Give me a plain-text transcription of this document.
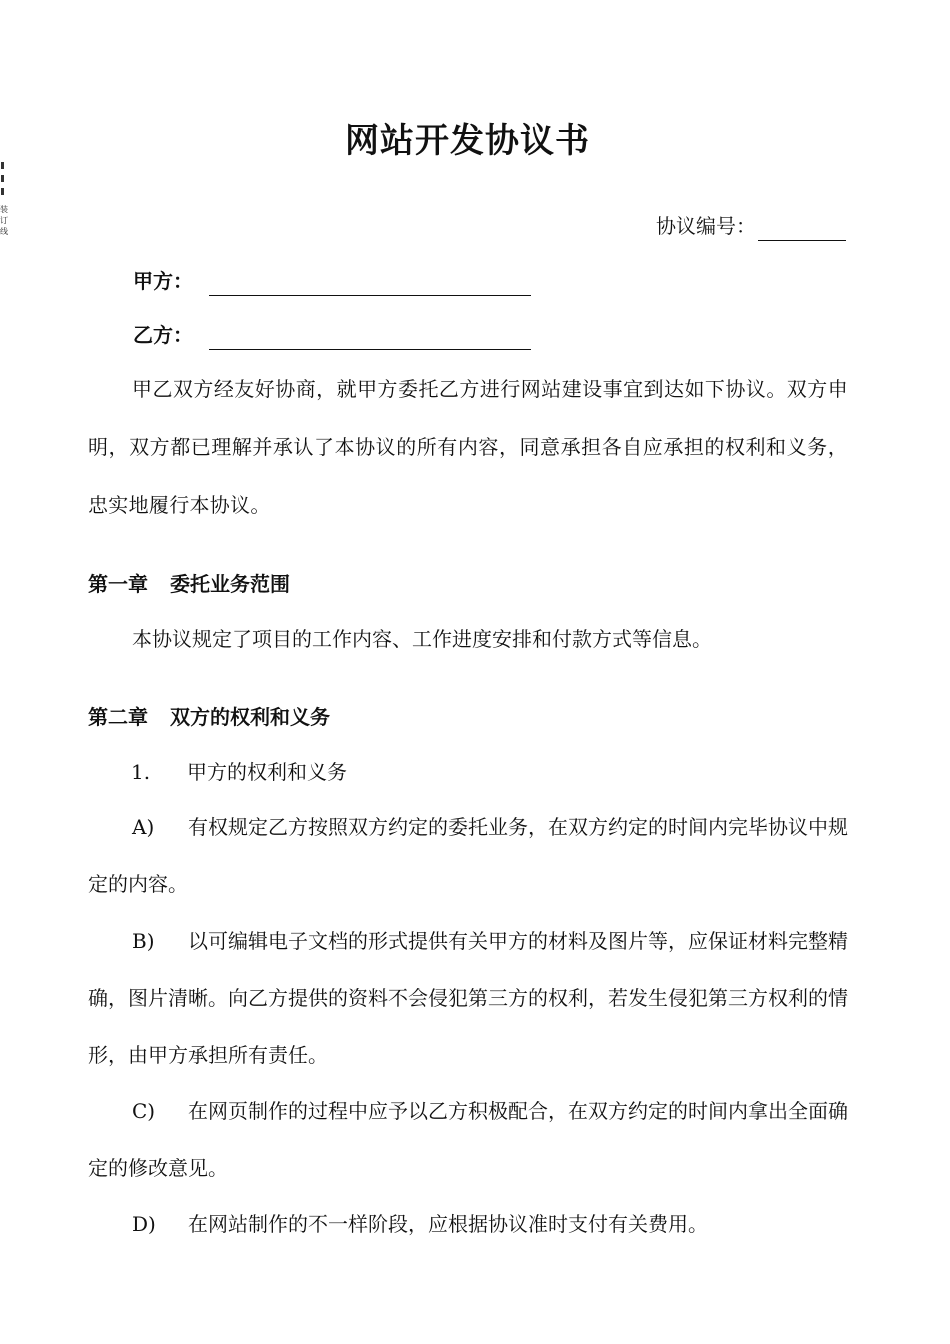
装订线
网站开发协议书
协议编号：
甲方：
乙方：
甲乙双方经友好协商，就甲方委托乙方进行网站建设事宜到达如下协议。双方申明，双方都已理解并承认了本协议的所有内容，同意承担各自应承担的权利和义务，忠实地履行本协议。
第一章 委托业务范围
本协议规定了项目的工作内容、工作进度安排和付款方式等信息。
第二章 双方的权利和义务
1. 甲方的权利和义务
A) 有权规定乙方按照双方约定的委托业务，在双方约定的时间内完毕协议中规定的内容。
B) 以可编辑电子文档的形式提供有关甲方的材料及图片等，应保证材料完整精确，图片清晰。向乙方提供的资料不会侵犯第三方的权利，若发生侵犯第三方权利的情形，由甲方承担所有责任。
C) 在网页制作的过程中应予以乙方积极配合，在双方约定的时间内拿出全面确定的修改意见。
D) 在网站制作的不一样阶段，应根据协议准时支付有关费用。
